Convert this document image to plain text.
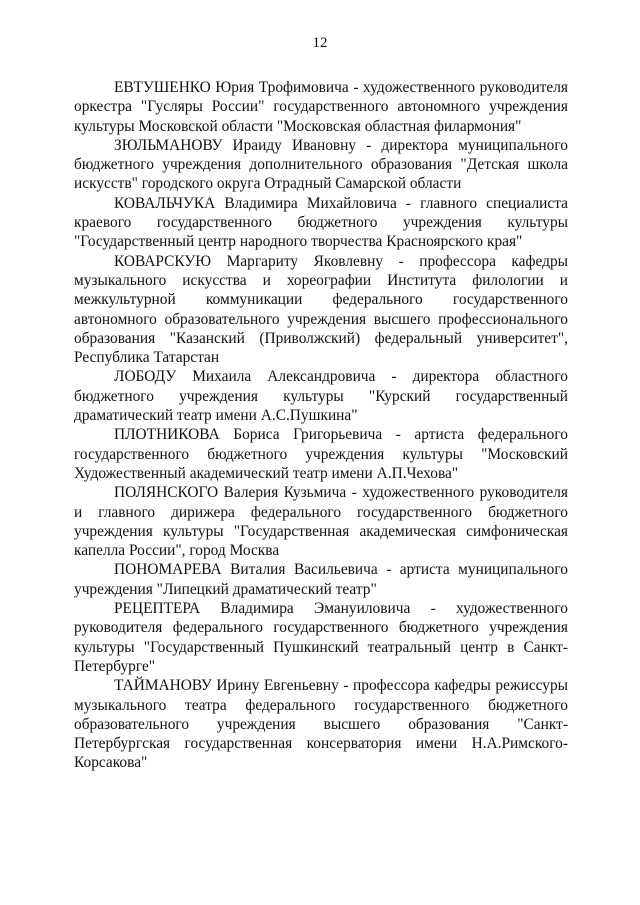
12

ЕВТУШЕНКО Юрия Трофимовича - художественного руководителя оркестра "Гусляры России" государственного автономного учреждения культуры Московской области "Московская областная филармония"

ЗЮЛЬМАНОВУ Ираиду Ивановну - директора муниципального бюджетного учреждения дополнительного образования "Детская школа искусств" городского округа Отрадный Самарской области

КОВАЛЬЧУКА Владимира Михайловича - главного специалиста краевого государственного бюджетного учреждения культуры "Государственный центр народного творчества Красноярского края"

КОВАРСКУЮ Маргариту Яковлевну - профессора кафедры музыкального искусства и хореографии Института филологии и межкультурной коммуникации федерального государственного автономного образовательного учреждения высшего профессионального образования "Казанский (Приволжский) федеральный университет", Республика Татарстан

ЛОБОДУ Михаила Александровича - директора областного бюджетного учреждения культуры "Курский государственный драматический театр имени А.С.Пушкина"

ПЛОТНИКОВА Бориса Григорьевича - артиста федерального государственного бюджетного учреждения культуры "Московский Художественный академический театр имени А.П.Чехова"

ПОЛЯНСКОГО Валерия Кузьмича - художественного руководителя и главного дирижера федерального государственного бюджетного учреждения культуры "Государственная академическая симфоническая капелла России", город Москва

ПОНОМАРЕВА Виталия Васильевича - артиста муниципального учреждения "Липецкий драматический театр"

РЕЦЕПТЕРА Владимира Эмануиловича - художественного руководителя федерального государственного бюджетного учреждения культуры "Государственный Пушкинский театральный центр в Санкт- Петербурге"

ТАЙМАНОВУ Ирину Евгеньевну - профессора кафедры режиссуры музыкального театра федерального государственного бюджетного образовательного учреждения высшего образования "Санкт-Петербургская государственная консерватория имени Н.А.Римского-Корсакова"
